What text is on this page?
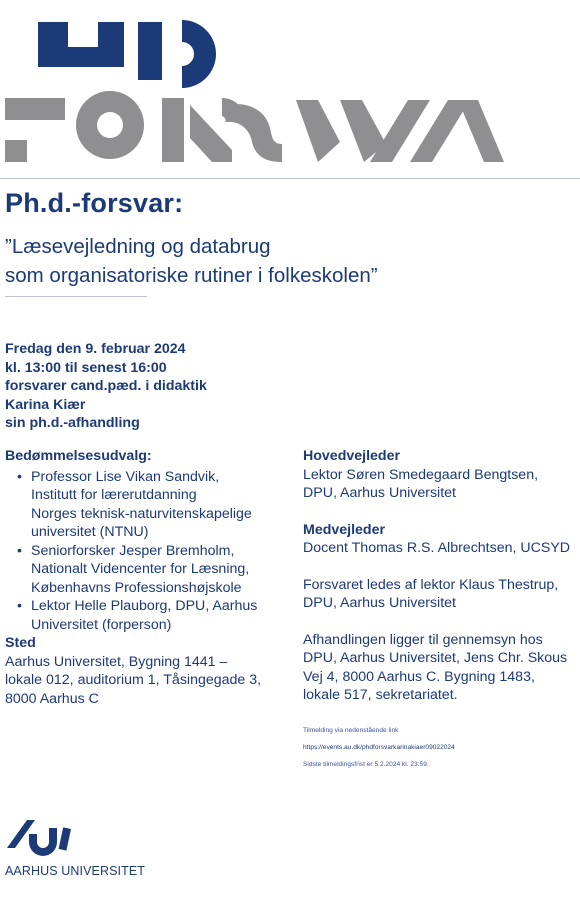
Ph.d.-forsvar:
”Læsevejledning og databrug
som organisatoriske rutiner i folkeskolen”
Fredag den 9. februar 2024
kl. 13:00 til senest 16:00
forsvarer cand.pæd. i didaktik
Karina Kiær
sin ph.d.-afhandling
Bedømmelsesudvalg:
• Professor Lise Vikan Sandvik,
Institutt for lærerutdanning
Norges teknisk-naturvitenskapelige
universitet (NTNU)
• Seniorforsker Jesper Bremholm,
Nationalt Videncenter for Læsning,
Københavns Professionshøjskole
• Lektor Helle Plauborg, DPU, Aarhus
Universitet (forperson)
Sted
Aarhus Universitet, Bygning 1441 –
lokale 012, auditorium 1, Tåsingegade 3,
8000 Aarhus C
Hovedvejleder
Lektor Søren Smedegaard Bengtsen,
DPU, Aarhus Universitet
Medvejleder
Docent Thomas R.S. Albrechtsen, UCSYD
Forsvaret ledes af lektor Klaus Thestrup,
DPU, Aarhus Universitet
Afhandlingen ligger til gennemsyn hos
DPU, Aarhus Universitet, Jens Chr. Skous
Vej 4, 8000 Aarhus C. Bygning 1483,
lokale 517, sekretariatet.
Tilmelding via nedenstående link
https://events.au.dk/phdforsvarkarinakiaer09022024
Sidste tilmeldingsfrist er 5.2.2024 kl. 23:59.
AARHUS UNIVERSITET
